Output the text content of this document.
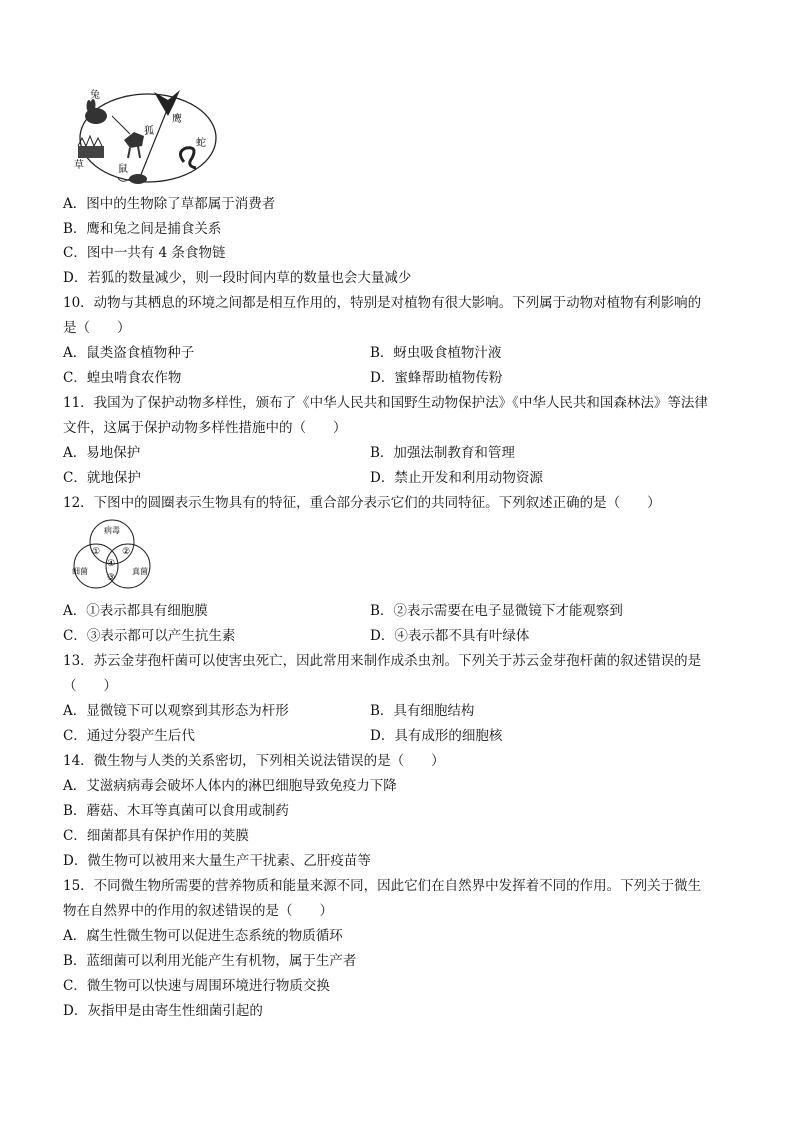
兔
鹰
狐
草	鼠
蛇
A．图中的生物除了草都属于消费者
B．鹰和兔之间是捕食关系
C．图中一共有 4 条食物链
D．若狐的数量减少，则一段时间内草的数量也会大量减少
10．动物与其栖息的环境之间都是相互作用的，特别是对植物有很大影响。下列属于动物对植物有利影响的
是（　　）
A．鼠类盗食植物种子	B．蚜虫吸食植物汁液
C．蝗虫啃食农作物	D．蜜蜂帮助植物传粉
11．我国为了保护动物多样性，颁布了《中华人民共和国野生动物保护法》《中华人民共和国森林法》等法律
文件，这属于保护动物多样性措施中的（　　）
A．易地保护	B．加强法制教育和管理
C．就地保护	D．禁止开发和利用动物资源
12．下图中的圆圈表示生物具有的特征，重合部分表示它们的共同特征。下列叙述正确的是（　　）
病毒
细菌	真菌
① ②
④
③
A．①表示都具有细胞膜	B．②表示需要在电子显微镜下才能观察到
C．③表示都可以产生抗生素	D．④表示都不具有叶绿体
13．苏云金芽孢杆菌可以使害虫死亡，因此常用来制作成杀虫剂。下列关于苏云金芽孢杆菌的叙述错误的是
（　　）
A．显微镜下可以观察到其形态为杆形	B．具有细胞结构
C．通过分裂产生后代	D．具有成形的细胞核
14．微生物与人类的关系密切，下列相关说法错误的是（　　）
A．艾滋病病毒会破坏人体内的淋巴细胞导致免疫力下降
B．蘑菇、木耳等真菌可以食用或制药
C．细菌都具有保护作用的荚膜
D．微生物可以被用来大量生产干扰素、乙肝疫苗等
15．不同微生物所需要的营养物质和能量来源不同，因此它们在自然界中发挥着不同的作用。下列关于微生
物在自然界中的作用的叙述错误的是（　　）
A．腐生性微生物可以促进生态系统的物质循环
B．蓝细菌可以利用光能产生有机物，属于生产者
C．微生物可以快速与周围环境进行物质交换
D．灰指甲是由寄生性细菌引起的
